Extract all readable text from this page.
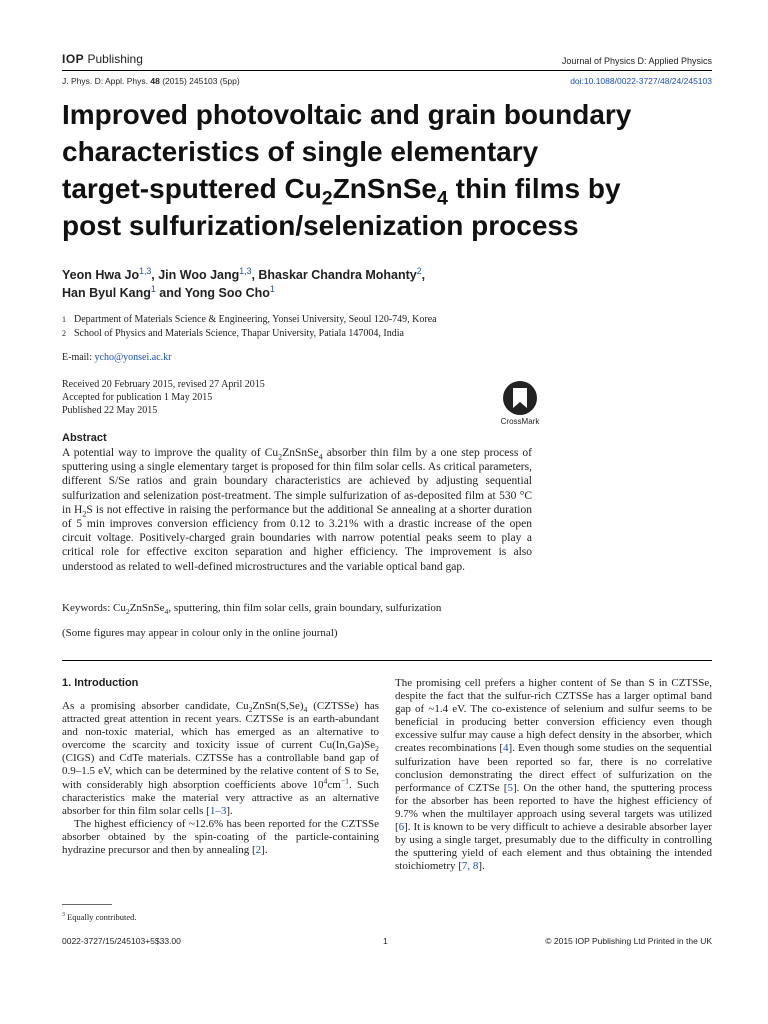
IOP Publishing	Journal of Physics D: Applied Physics
J. Phys. D: Appl. Phys. 48 (2015) 245103 (5pp)	doi:10.1088/0022-3727/48/24/245103
Improved photovoltaic and grain boundary
characteristics of single elementary
target-sputtered $Cu_2ZnSnSe_4$ thin films by
post sulfurization/selenization process
Yeon Hwa Jo$^{1,3}$, Jin Woo Jang$^{1,3}$, Bhaskar Chandra Mohanty$^2$,
Han Byul Kang$^1$ and Yong Soo Cho$^1$
1 Department of Materials Science & Engineering, Yonsei University, Seoul 120-749, Korea
2 School of Physics and Materials Science, Thapar University, Patiala 147004, India
E-mail: ycho@yonsei.ac.kr
Received 20 February 2015, revised 27 April 2015
Accepted for publication 1 May 2015
Published 22 May 2015
CrossMark
Abstract
A potential way to improve the quality of $Cu_2ZnSnSe_4$ absorber thin film by a one step process of sputtering using a single elementary target is proposed for thin film solar cells. As critical parameters, different S/Se ratios and grain boundary characteristics are achieved by adjusting sequential sulfurization and selenization post-treatment. The simple sulfurization of as-deposited film at 530 °C in $H_2S$ is not effective in raising the performance but the additional Se annealing at a shorter duration of 5 min improves conversion efficiency from 0.12 to 3.21% with a drastic increase of the open circuit voltage. Positively-charged grain boundaries with narrow potential peaks seem to play a critical role for effective exciton separation and higher efficiency. The improvement is also understood as related to well-defined microstructures and the variable optical band gap.
Keywords: $Cu_2ZnSnSe_4$, sputtering, thin film solar cells, grain boundary, sulfurization
(Some figures may appear in colour only in the online journal)
1. Introduction

As a promising absorber candidate, $Cu_2ZnSn(S,Se)_4$ (CZTSSe) has attracted great attention in recent years. CZTSSe is an earth-abundant and non-toxic material, which has emerged as an alternative to overcome the scarcity and toxicity issue of current $Cu(In,Ga)Se_2$ (CIGS) and CdTe materials. CZTSSe has a controllable band gap of 0.9–1.5 eV, which can be determined by the relative content of S to Se, with considerably high absorption coefficients above $10^4cm^{-1}$. Such characteristics make the material very attractive as an alternative absorber for thin film solar cells [1–3].

The highest efficiency of ~12.6% has been reported for the CZTSSe absorber obtained by the spin-coating of the particle-containing hydrazine precursor and then by annealing [2].

The promising cell prefers a higher content of Se than S in CZTSSe, despite the fact that the sulfur-rich CZTSSe has a larger optimal band gap of ~1.4 eV. The co-existence of selenium and sulfur seems to be beneficial in producing better conversion efficiency even though excessive sulfur may cause a high defect density in the absorber, which creates recombinations [4]. Even though some studies on the sequential sulfurization have been reported so far, there is no correlative conclusion demonstrating the direct effect of sulfurization on the performance of CZTSe [5]. On the other hand, the sputtering process for the absorber has been reported to have the highest efficiency of 9.7% when the multilayer approach using several targets was utilized [6]. It is known to be very difficult to achieve a desirable absorber layer by using a single target, presumably due to the difficulty in controlling the sputtering yield of each element and thus obtaining the intended stoichiometry [7, 8].

$^3$ Equally contributed.
0022-3727/15/245103+5$33.00	1	© 2015 IOP Publishing Ltd Printed in the UK
